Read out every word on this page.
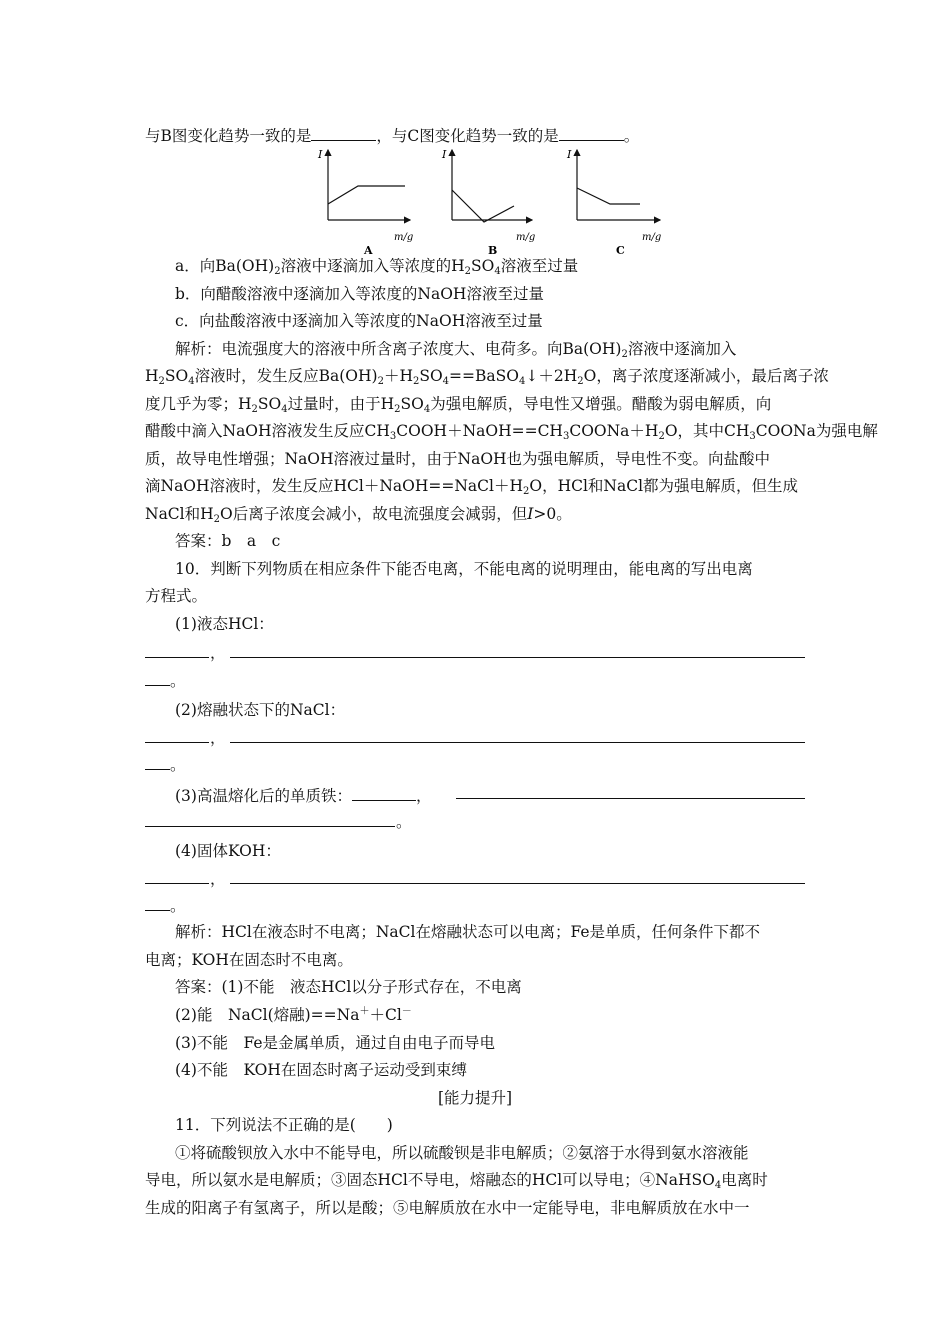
与B图变化趋势一致的是	，与C图变化趋势一致的是	。
I
m/g
A
I
m/g
B
I
m/g
C
a．向$Ba(OH)_2$溶液中逐滴加入等浓度的$H_2SO_4$溶液至过量
b．向醋酸溶液中逐滴加入等浓度的NaOH溶液至过量
c．向盐酸溶液中逐滴加入等浓度的NaOH溶液至过量
解析：电流强度大的溶液中所含离子浓度大、电荷多。向$Ba(OH)_2$溶液中逐滴加入
$H_2SO_4$溶液时，发生反应$Ba(OH)_2+H_2SO_4==BaSO_4↓+2H_2O$，离子浓度逐渐减小，最后离子浓
度几乎为零；$H_2SO_4$过量时，由于$H_2SO_4$为强电解质，导电性又增强。醋酸为弱电解质，向
醋酸中滴入NaOH溶液发生反应$CH_3COOH+NaOH==CH_3COONa+H_2O$，其中$CH_3COONa$为强电解
质，故导电性增强；NaOH溶液过量时，由于NaOH也为强电解质，导电性不变。向盐酸中
滴NaOH溶液时，发生反应$HCl+NaOH==NaCl+H_2O$，HCl和NaCl都为强电解质，但生成
NaCl和$H_2O$后离子浓度会减小，故电流强度会减弱，但I>0。
答案：b　a　c
10．判断下列物质在相应条件下能否电离，不能电离的说明理由，能电离的写出电离
方程式。
(1)液态HCl：
，
。
(2)熔融状态下的NaCl：
，
。
(3)高温熔化后的单质铁：	，
。
(4)固体KOH：
，
。
解析：HCl在液态时不电离；NaCl在熔融状态可以电离；Fe是单质，任何条件下都不
电离；KOH在固态时不电离。
答案：(1)不能　液态HCl以分子形式存在，不电离
(2)能　NaCl(熔融)==Na＋＋Cl－
(3)不能　Fe是金属单质，通过自由电子而导电
(4)不能　KOH在固态时离子运动受到束缚
[能力提升]
11．下列说法不正确的是(　　)
①将硫酸钡放入水中不能导电，所以硫酸钡是非电解质；②氨溶于水得到氨水溶液能
导电，所以氨水是电解质；③固态HCl不导电，熔融态的HCl可以导电；④NaHSO$_4$电离时
生成的阳离子有氢离子，所以是酸；⑤电解质放在水中一定能导电，非电解质放在水中一
